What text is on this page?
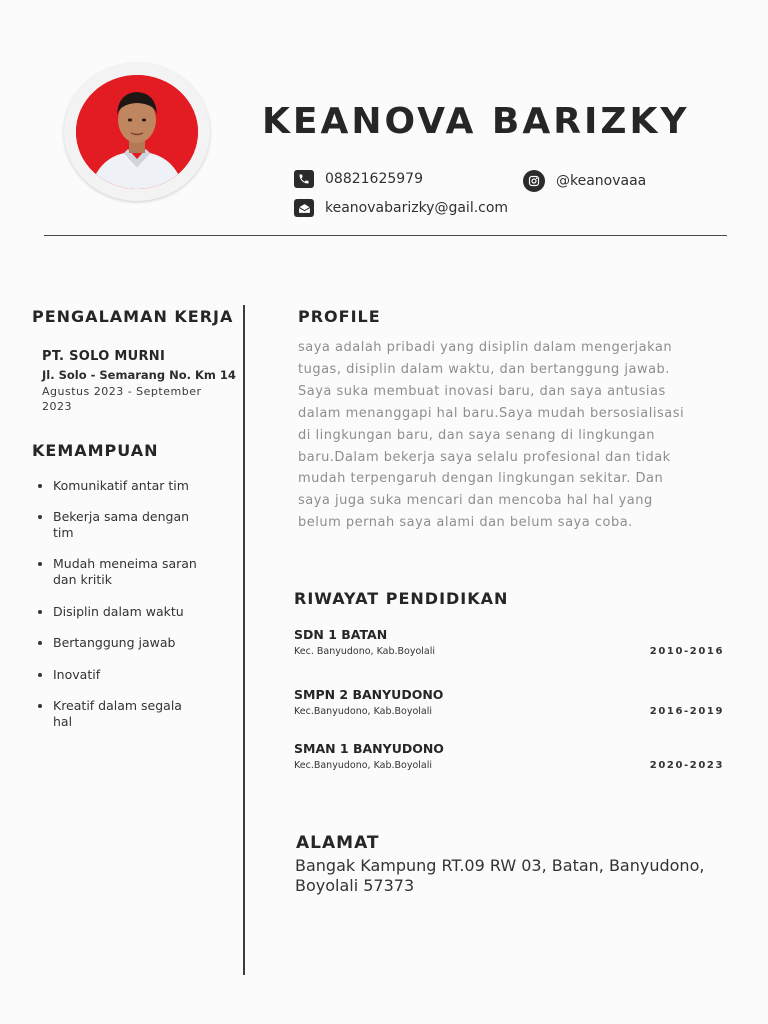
KEANOVA BARIZKY
08821625979	@keanovaaa
keanovabarizky@gail.com
PENGALAMAN KERJA
PT. SOLO MURNI
Jl. Solo - Semarang No. Km 14
Agustus 2023 - September
2023
KEMAMPUAN
Komunikatif antar tim
Bekerja sama dengan
tim
Mudah meneima saran
dan kritik
Disiplin dalam waktu
Bertanggung jawab
Inovatif
Kreatif dalam segala
hal
PROFILE
saya adalah pribadi yang disiplin dalam mengerjakan
tugas, disiplin dalam waktu, dan bertanggung jawab.
Saya suka membuat inovasi baru, dan saya antusias
dalam menanggapi hal baru.Saya mudah bersosialisasi
di lingkungan baru, dan saya senang di lingkungan
baru.Dalam bekerja saya selalu profesional dan tidak
mudah terpengaruh dengan lingkungan sekitar. Dan
saya juga suka mencari dan mencoba hal hal yang
belum pernah saya alami dan belum saya coba.
RIWAYAT PENDIDIKAN
SDN 1 BATAN
Kec. Banyudono, Kab.Boyolali	2010-2016
SMPN 2 BANYUDONO
Kec.Banyudono, Kab.Boyolali	2016-2019
SMAN 1 BANYUDONO
Kec.Banyudono, Kab.Boyolali	2020-2023
ALAMAT
Bangak Kampung RT.09 RW 03, Batan, Banyudono,
Boyolali 57373
